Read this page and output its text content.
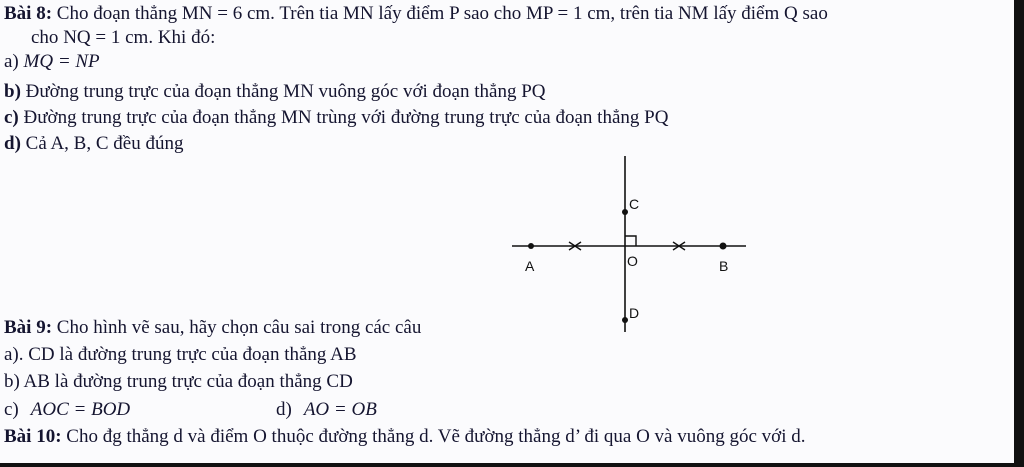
Bài 8: Cho đoạn thẳng MN = 6 cm. Trên tia MN lấy điểm P sao cho MP = 1 cm, trên tia NM lấy điểm Q sao
cho NQ = 1 cm. Khi đó:
a) MQ = NP
b) Đường trung trực của đoạn thẳng MN vuông góc với đoạn thẳng PQ
c) Đường trung trực của đoạn thẳng MN trùng với đường trung trực của đoạn thẳng PQ
d) Cả A, B, C đều đúng
A	B
C
D
O
Bài 9: Cho hình vẽ sau, hãy chọn câu sai trong các câu
a). CD là đường trung trực của đoạn thẳng AB
b) AB là đường trung trực của đoạn thẳng CD
c) AOC = BOD	d) AO = OB
Bài 10: Cho đg thẳng d và điểm O thuộc đường thẳng d. Vẽ đường thẳng d’ đi qua O và vuông góc với d.
